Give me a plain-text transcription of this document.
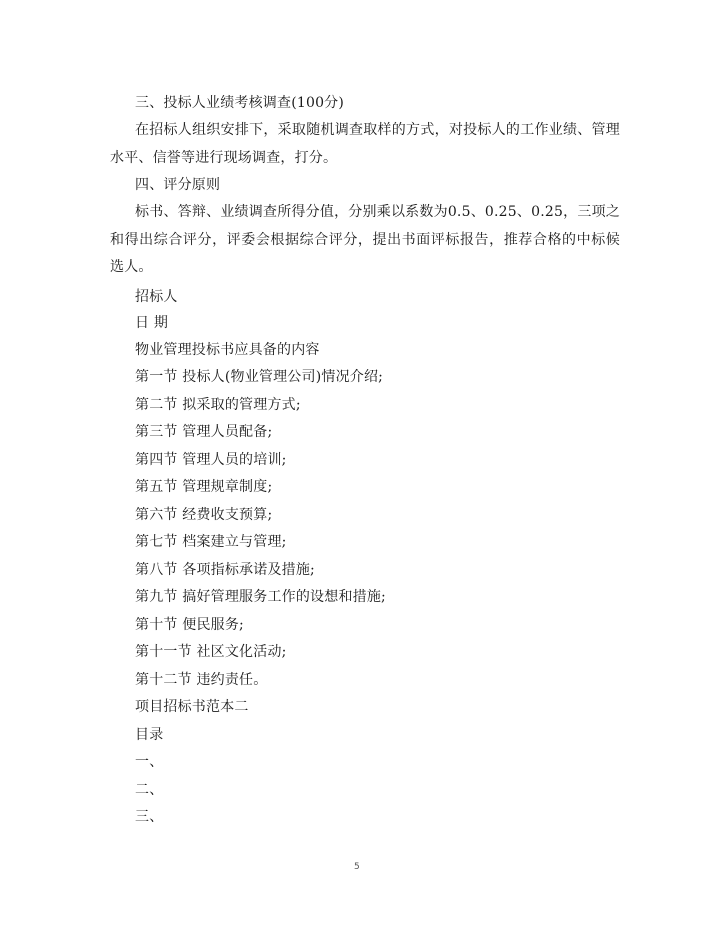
三、投标人业绩考核调查(100分)
在招标人组织安排下，采取随机调查取样的方式，对投标人的工作业绩、管理水平、信誉等进行现场调查，打分。
四、评分原则
标书、答辩、业绩调查所得分值，分别乘以系数为0.5、0.25、0.25，三项之和得出综合评分，评委会根据综合评分，提出书面评标报告，推荐合格的中标候选人。
招标人
日 期
物业管理投标书应具备的内容
第一节 投标人(物业管理公司)情况介绍;
第二节 拟采取的管理方式;
第三节 管理人员配备;
第四节 管理人员的培训;
第五节 管理规章制度;
第六节 经费收支预算;
第七节 档案建立与管理;
第八节 各项指标承诺及措施;
第九节 搞好管理服务工作的设想和措施;
第十节 便民服务;
第十一节 社区文化活动;
第十二节 违约责任。
项目招标书范本二
目录
一、
二、
三、
5
